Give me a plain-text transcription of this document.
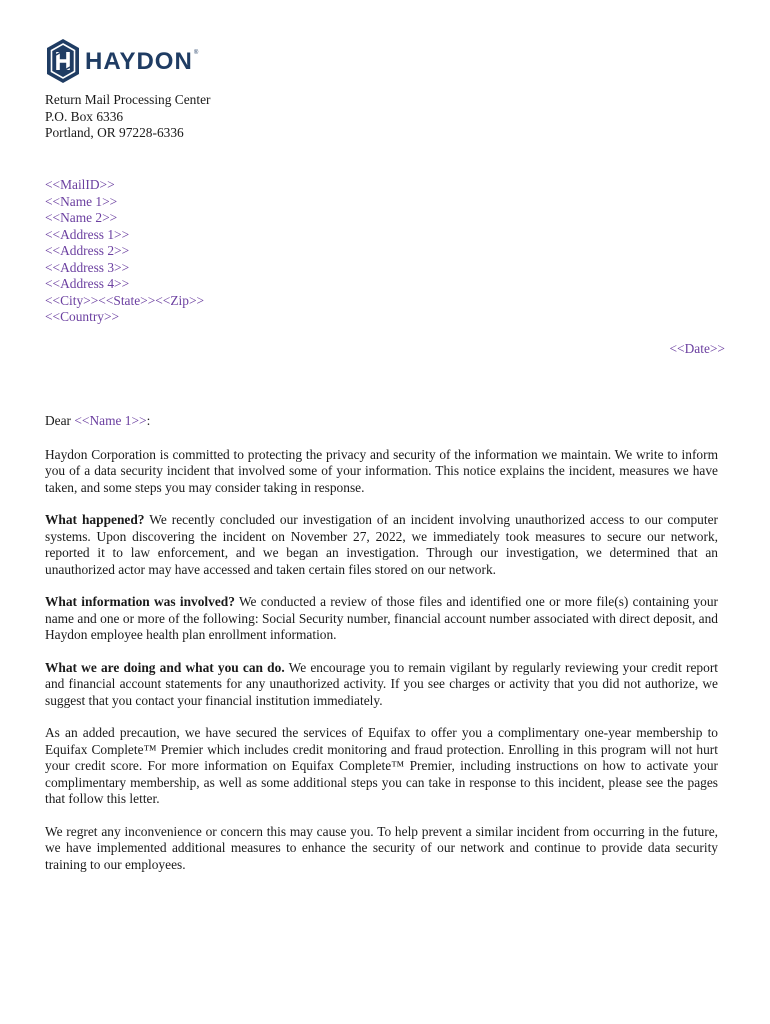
HAYDON ®
Return Mail Processing Center
P.O. Box 6336
Portland, OR 97228-6336
<<MailID>>
<<Name 1>>
<<Name 2>>
<<Address 1>>
<<Address 2>>
<<Address 3>>
<<Address 4>>
<<City>><<State>><<Zip>>
<<Country>>
<<Date>>

Dear <<Name 1>>:

Haydon Corporation is committed to protecting the privacy and security of the information we maintain. We write to inform you of a data security incident that involved some of your information. This notice explains the incident, measures we have taken, and some steps you may consider taking in response.

What happened? We recently concluded our investigation of an incident involving unauthorized access to our computer systems. Upon discovering the incident on November 27, 2022, we immediately took measures to secure our network, reported it to law enforcement, and we began an investigation. Through our investigation, we determined that an unauthorized actor may have accessed and taken certain files stored on our network.

What information was involved? We conducted a review of those files and identified one or more file(s) containing your name and one or more of the following: Social Security number, financial account number associated with direct deposit, and Haydon employee health plan enrollment information.

What we are doing and what you can do. We encourage you to remain vigilant by regularly reviewing your credit report and financial account statements for any unauthorized activity. If you see charges or activity that you did not authorize, we suggest that you contact your financial institution immediately.

As an added precaution, we have secured the services of Equifax to offer you a complimentary one-year membership to Equifax Complete™ Premier which includes credit monitoring and fraud protection. Enrolling in this program will not hurt your credit score. For more information on Equifax Complete™ Premier, including instructions on how to activate your complimentary membership, as well as some additional steps you can take in response to this incident, please see the pages that follow this letter.

We regret any inconvenience or concern this may cause you. To help prevent a similar incident from occurring in the future, we have implemented additional measures to enhance the security of our network and continue to provide data security training to our employees.
